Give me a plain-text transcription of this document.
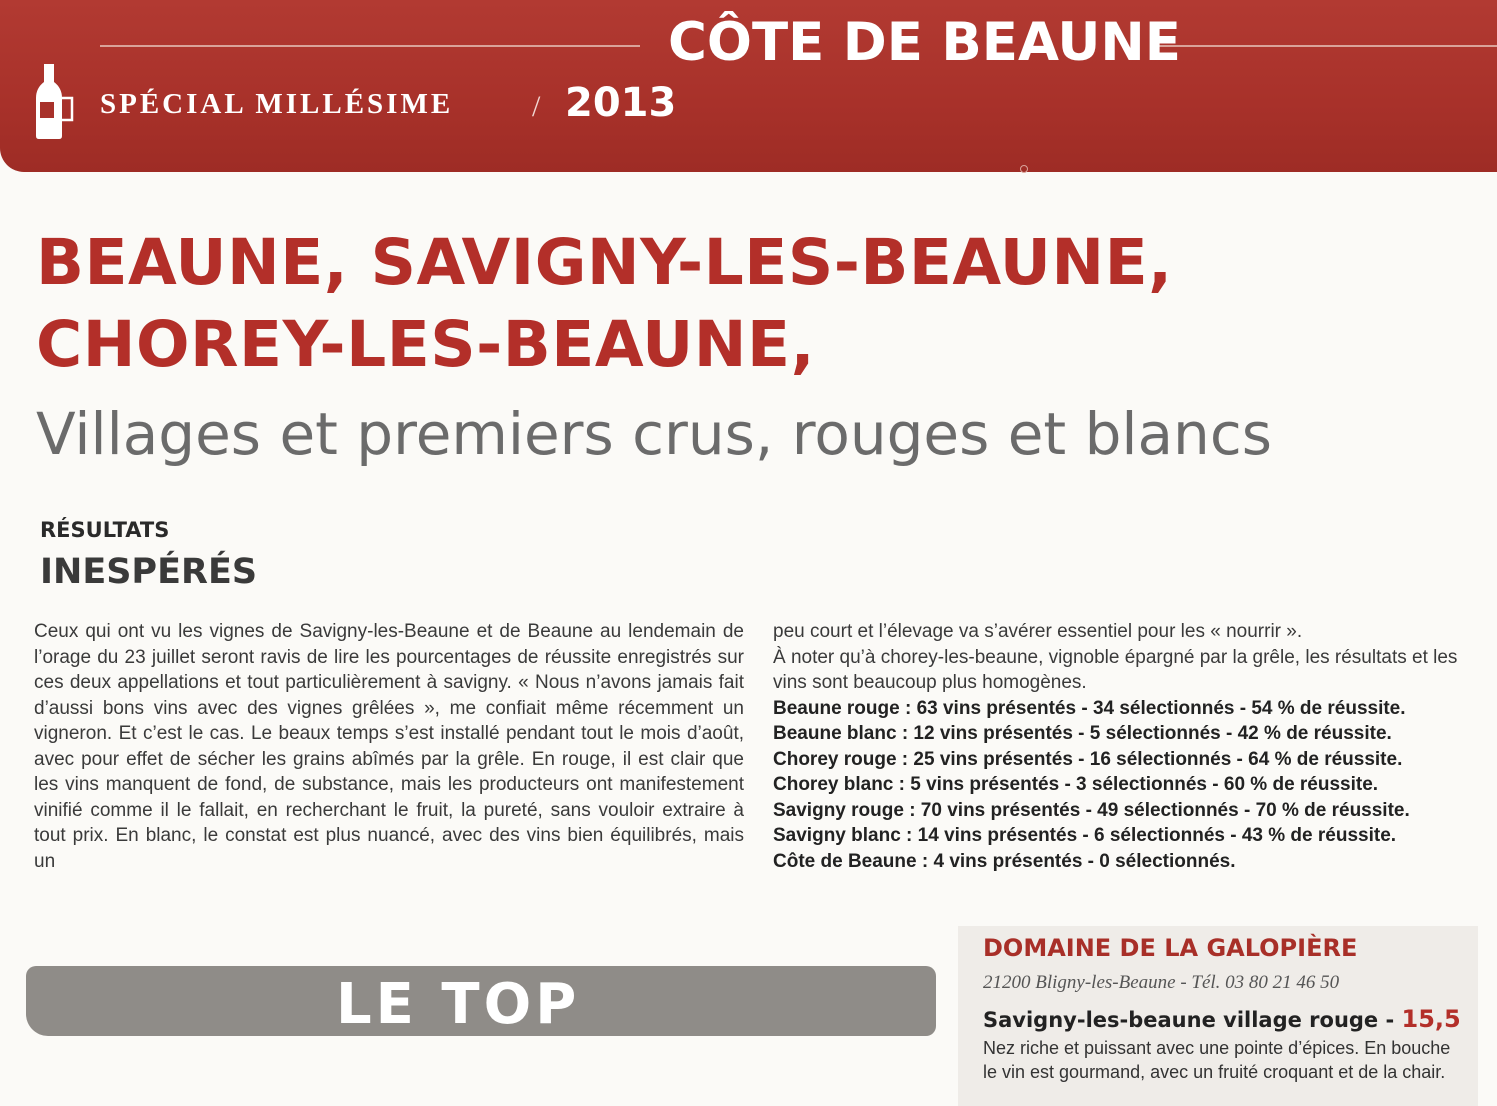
CÔTE DE BEAUNE
SPÉCIAL MILLÉSIME	/ 2013
BEAUNE, SAVIGNY-LES-BEAUNE,
CHOREY-LES-BEAUNE,
Villages et premiers crus, rouges et blancs
RÉSULTATS
INESPÉRÉS

Ceux qui ont vu les vignes de Savigny-les-Beaune et de Beaune au lendemain de l’orage du 23 juillet seront ravis de lire les pourcentages de réussite enregistrés sur ces deux appellations et tout particulièrement à savigny. « Nous n’avons jamais fait d’aussi bons vins avec des vignes grêlées », me confiait même récemment un vigneron. Et c’est le cas. Le beaux temps s’est installé pendant tout le mois d’août, avec pour effet de sécher les grains abîmés par la grêle. En rouge, il est clair que les vins manquent de fond, de substance, mais les producteurs ont manifestement vinifié comme il le fallait, en recherchant le fruit, la pureté, sans vouloir extraire à tout prix. En blanc, le constat est plus nuancé, avec des vins bien équilibrés, mais un

peu court et l’élevage va s’avérer essentiel pour les « nourrir ».

À noter qu’à chorey-les-beaune, vignoble épargné par la grêle, les résultats et les vins sont beaucoup plus homogènes.

Beaune rouge : 63 vins présentés - 34 sélectionnés - 54 % de réussite.
Beaune blanc : 12 vins présentés - 5 sélectionnés - 42 % de réussite.
Chorey rouge : 25 vins présentés - 16 sélectionnés - 64 % de réussite.
Chorey blanc : 5 vins présentés - 3 sélectionnés - 60 % de réussite.
Savigny rouge : 70 vins présentés - 49 sélectionnés - 70 % de réussite.
Savigny blanc : 14 vins présentés - 6 sélectionnés - 43 % de réussite.
Côte de Beaune : 4 vins présentés - 0 sélectionnés.
LE TOP
DOMAINE DE LA GALOPIÈRE
21200 Bligny-les-Beaune - Tél. 03 80 21 46 50
Savigny-les-beaune village rouge - 15,5
Nez riche et puissant avec une pointe d’épices. En bouche le vin est gourmand, avec un fruité croquant et de la chair.
